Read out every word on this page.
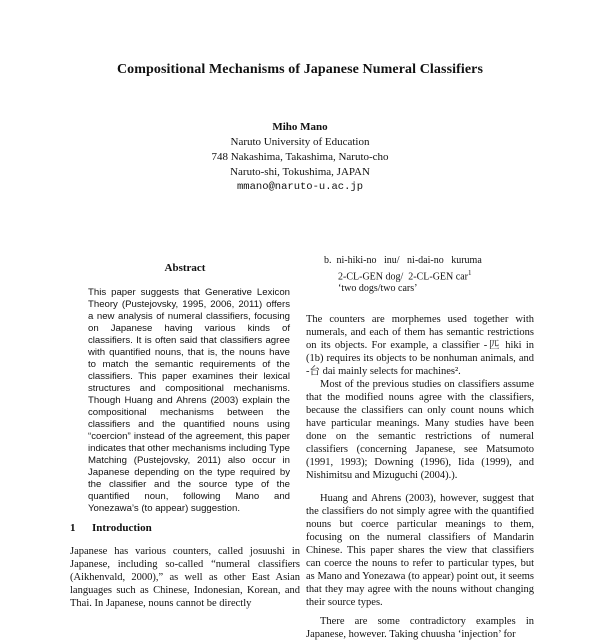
Compositional Mechanisms of Japanese Numeral Classifiers
Miho Mano
Naruto University of Education
748 Nakashima, Takashima, Naruto-cho
Naruto-shi, Tokushima, JAPAN
mmano@naruto-u.ac.jp
Abstract
This paper suggests that Generative Lexicon Theory (Pustejovsky, 1995, 2006, 2011) offers a new analysis of numeral classifiers, focusing on Japanese having various kinds of classifiers. It is often said that classifiers agree with quantified nouns, that is, the nouns have to match the semantic requirements of the classifiers. This paper examines their lexical structures and compositional mechanisms. Though Huang and Ahrens (2003) explain the compositional mechanisms between the classifiers and the quantified nouns using “coercion” instead of the agreement, this paper indicates that other mechanisms including Type Matching (Pustejovsky, 2011) also occur in Japanese depending on the type required by the classifier and the source type of the quantified noun, following Mano and Yonezawa’s (to appear) suggestion.
1 Introduction
Japanese has various counters, called josuushi in Japanese, including so-called “numeral classifiers (Aikhenvald, 2000),” as well as other East Asian languages such as Chinese, Indonesian, Korean, and Thai. In Japanese, nouns cannot be directly
b. ni-hiki-no   inu/   ni-dai-no   kuruma
2-CL-GEN dog/  2-CL-GEN car$^1$
‘two dogs/two cars’

The counters are morphemes used together with numerals, and each of them has semantic restrictions on its objects. For example, a classifier -匹 hiki in (1b) requires its objects to be nonhuman animals, and -台 dai mainly selects for machines².

Most of the previous studies on classifiers assume that the modified nouns agree with the classifiers, because the classifiers can only count nouns which have particular meanings. Many studies have been done on the semantic restrictions of numeral classifiers (concerning Japanese, see Matsumoto (1991, 1993); Downing (1996), Iida (1999), and Nishimitsu and Mizuguchi (2004).).

Huang and Ahrens (2003), however, suggest that the classifiers do not simply agree with the quantified nouns but coerce particular meanings to them, focusing on the numeral classifiers of Mandarin Chinese. This paper shares the view that classifiers can coerce the nouns to refer to particular types, but as Mano and Yonezawa (to appear) point out, it seems that they may agree with the nouns without changing their source types.

There are some contradictory examples in Japanese, however. Taking chuusha ‘injection’ for
